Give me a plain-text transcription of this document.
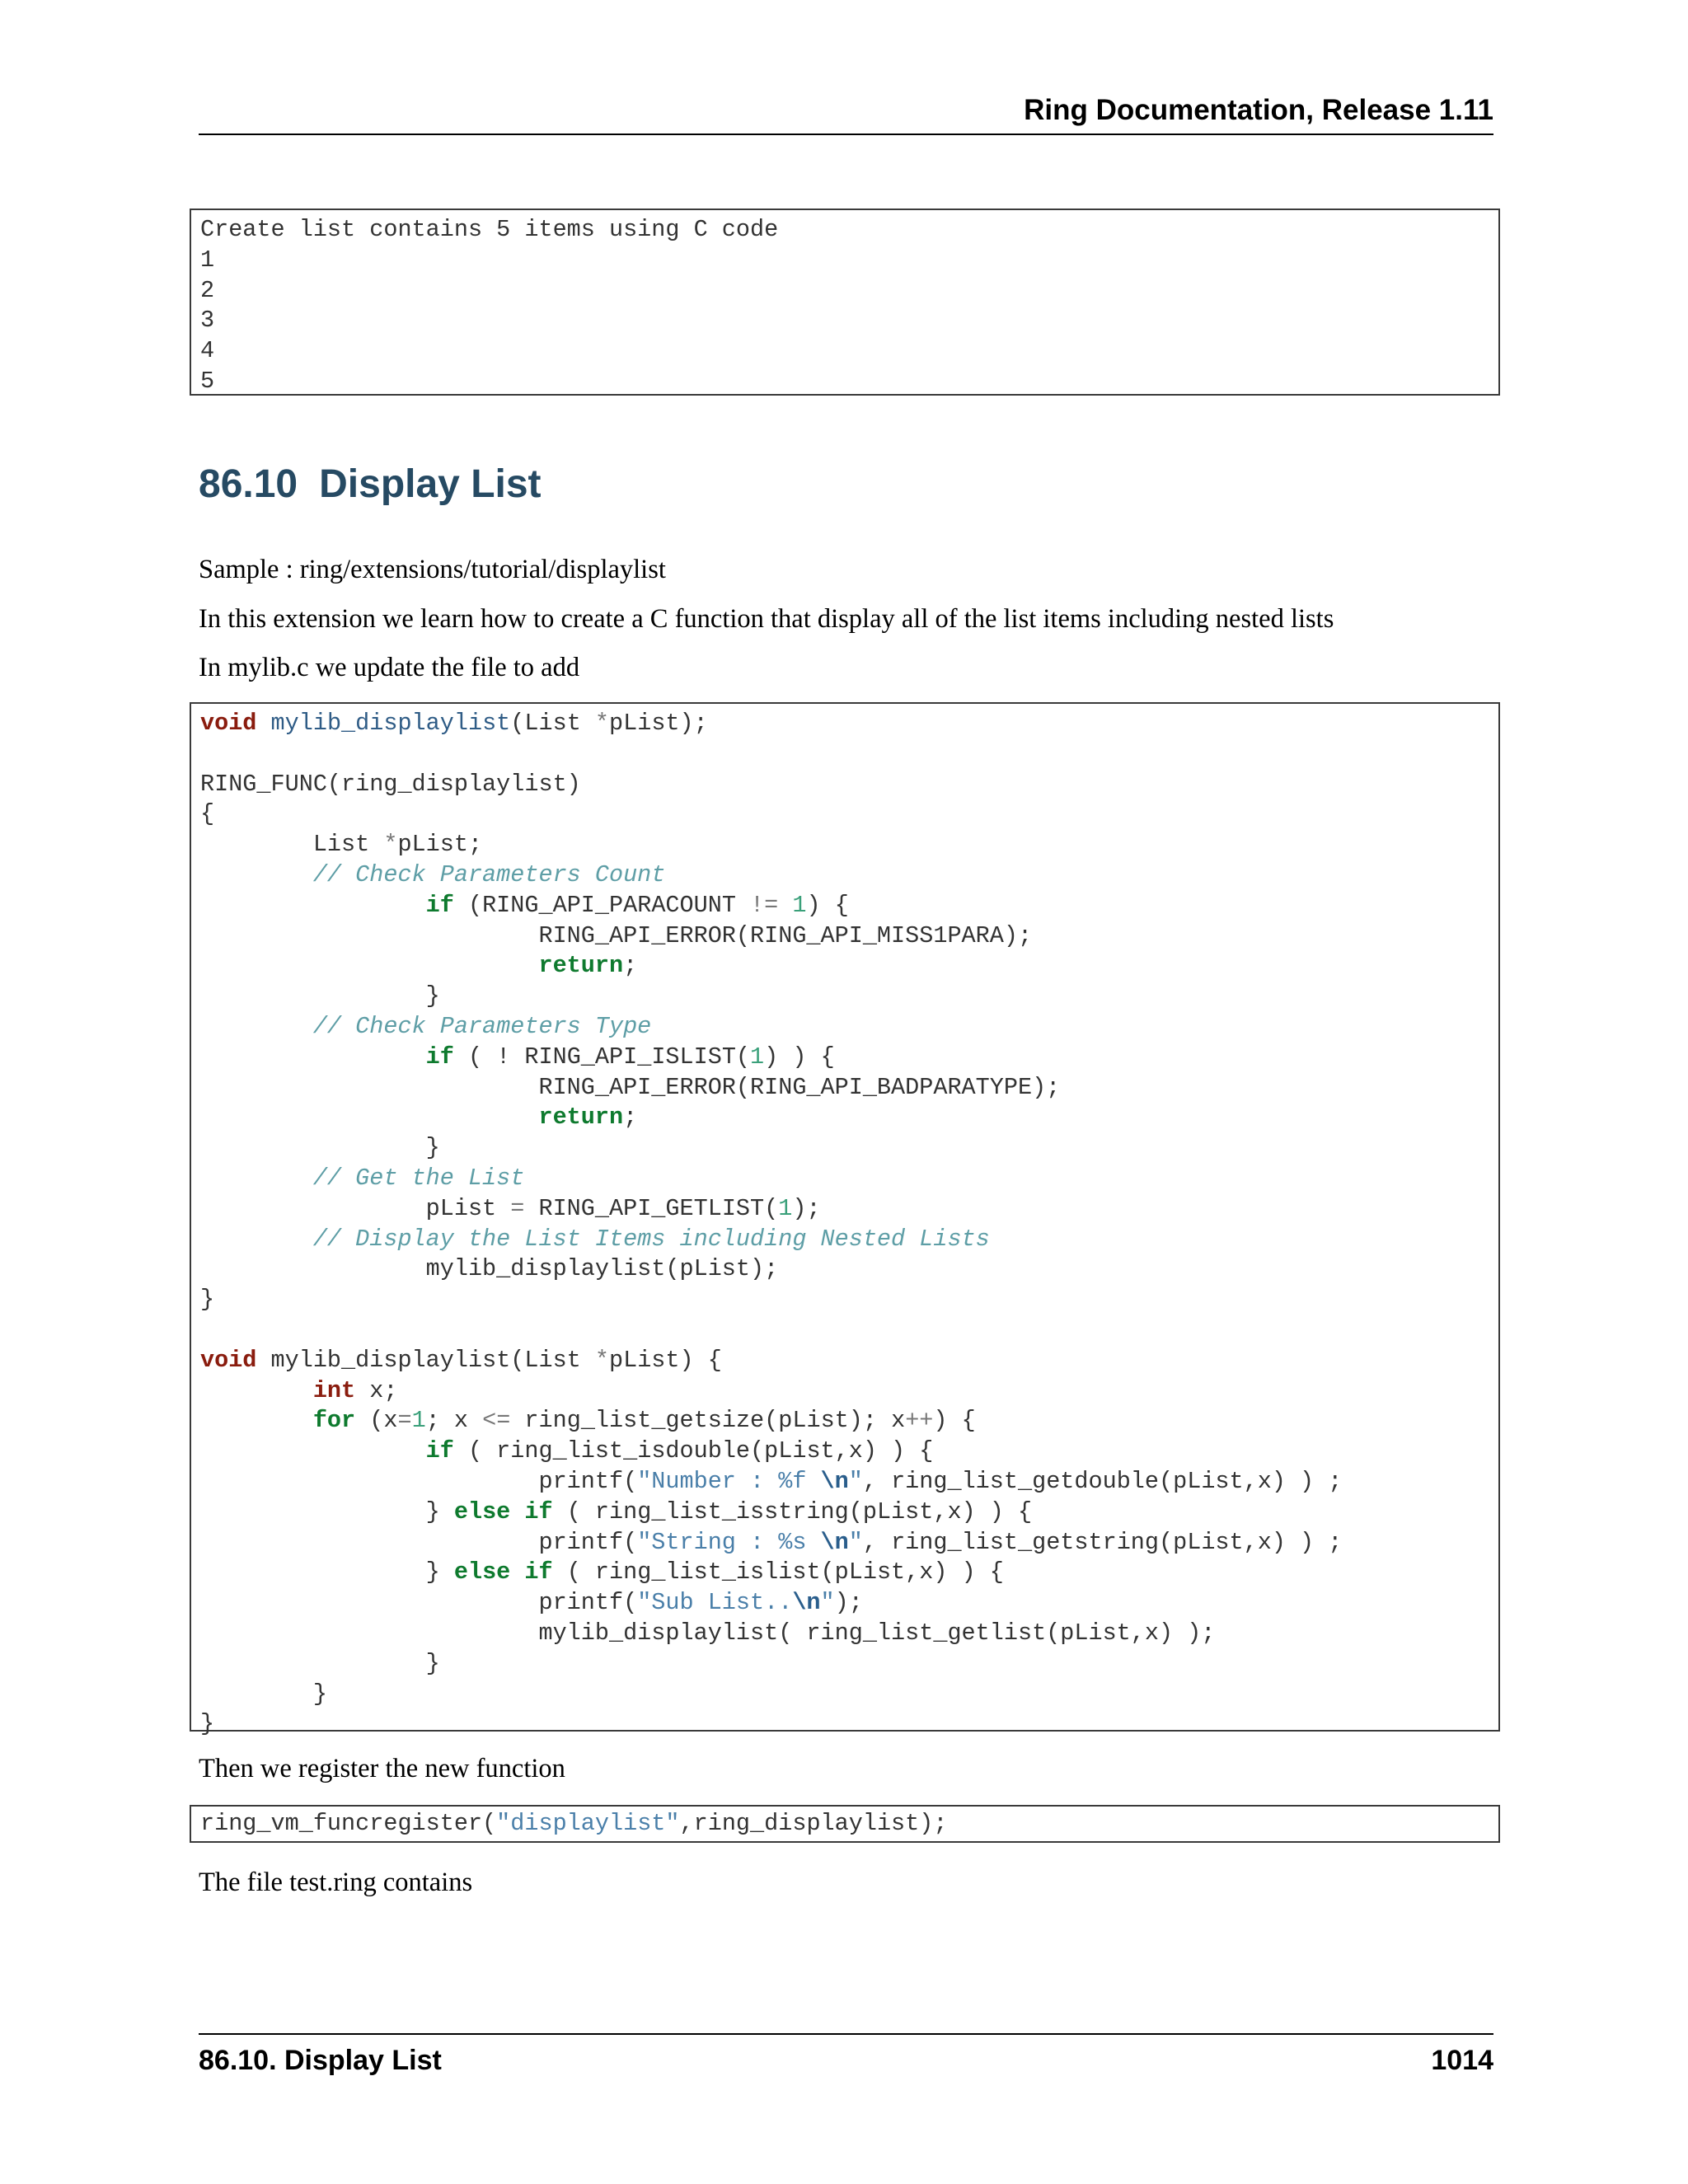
Ring Documentation, Release 1.11
Create list contains 5 items using C code
1
2
3
4
5
86.10 Display List

Sample : ring/extensions/tutorial/displaylist

In this extension we learn how to create a C function that display all of the list items including nested lists

In mylib.c we update the file to add

void mylib_displaylist(List *pList);

RING_FUNC(ring_displaylist)
{
List *pList;
// Check Parameters Count
if (RING_API_PARACOUNT != 1) {
RING_API_ERROR(RING_API_MISS1PARA);
return;
}
// Check Parameters Type
if ( ! RING_API_ISLIST(1) ) {
RING_API_ERROR(RING_API_BADPARATYPE);
return;
}
// Get the List
pList = RING_API_GETLIST(1);
// Display the List Items including Nested Lists
mylib_displaylist(pList);
}

void mylib_displaylist(List *pList) {
int x;
for (x=1; x <= ring_list_getsize(pList); x++) {
if ( ring_list_isdouble(pList,x) ) {
printf("Number : %f \n", ring_list_getdouble(pList,x) ) ;
} else if ( ring_list_isstring(pList,x) ) {
printf("String : %s \n", ring_list_getstring(pList,x) ) ;
} else if ( ring_list_islist(pList,x) ) {
printf("Sub List..\n");
mylib_displaylist( ring_list_getlist(pList,x) );
}
}
}

Then we register the new function

ring_vm_funcregister("displaylist",ring_displaylist);

The file test.ring contains

86.10. Display List	1014
